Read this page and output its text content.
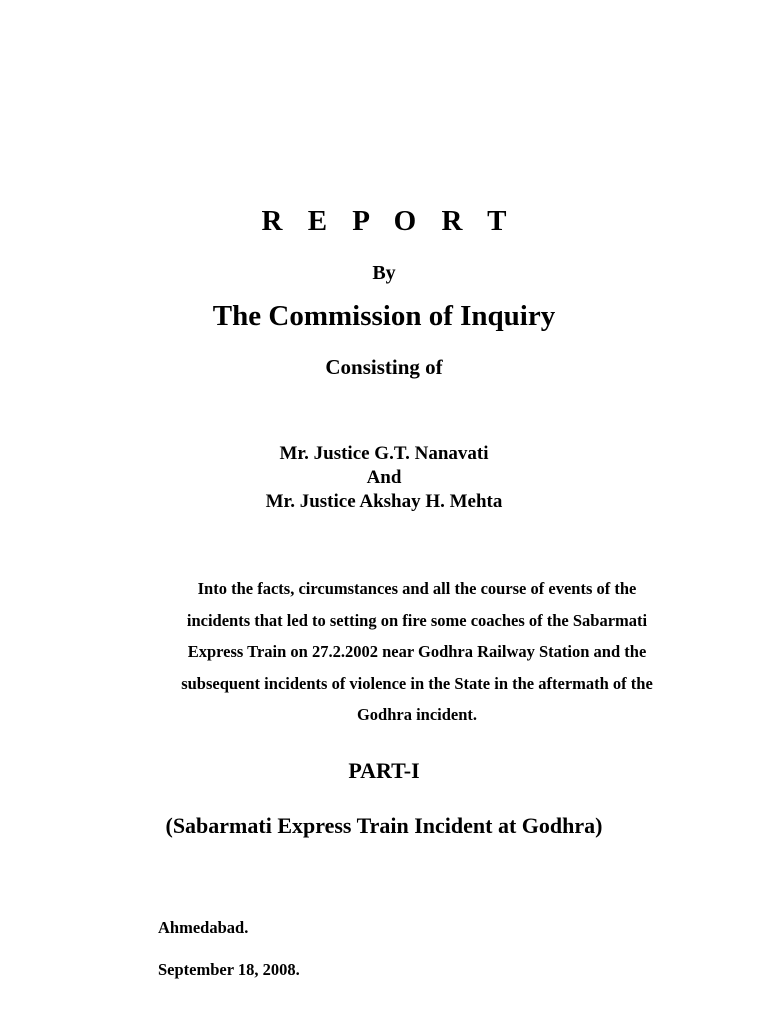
R E P O R T
By
The Commission of Inquiry
Consisting of
Mr. Justice G.T. Nanavati
And
Mr. Justice Akshay H. Mehta
Into the facts, circumstances and all the course of events of the
incidents that led to setting on fire some coaches of the Sabarmati
Express Train on 27.2.2002 near Godhra Railway Station and the
subsequent incidents of violence in the State in the aftermath of the
Godhra incident.
PART-I
(Sabarmati Express Train Incident at Godhra)
Ahmedabad.
September 18, 2008.
